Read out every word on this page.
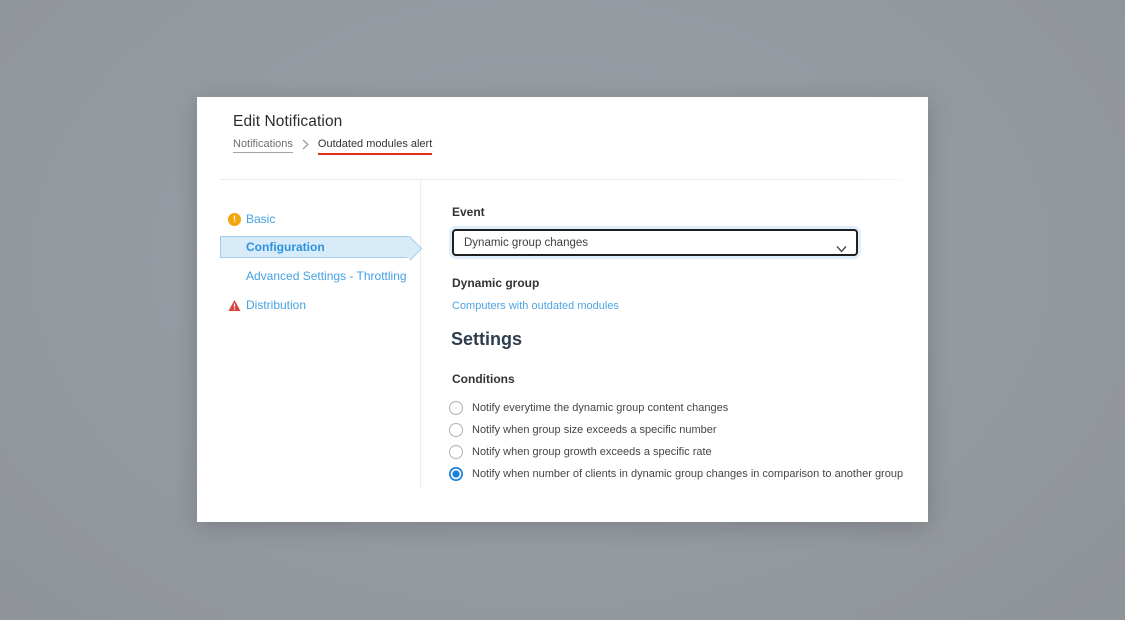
Edit Notification
Notifications Outdated modules alert
!
Basic
Configuration
Advanced Settings - Throttling
Distribution
Event
Dynamic group changes
Dynamic group
Computers with outdated modules
Settings
Conditions
Notify everytime the dynamic group content changes
Notify when group size exceeds a specific number
Notify when group growth exceeds a specific rate
Notify when number of clients in dynamic group changes in comparison to another group
